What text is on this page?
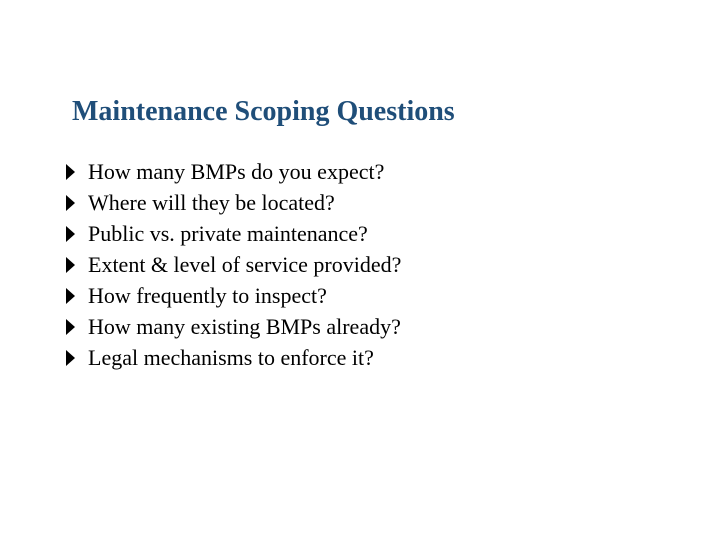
Maintenance Scoping Questions
How many BMPs do you expect?
Where will they be located?
Public vs. private maintenance?
Extent & level of service provided?
How frequently to inspect?
How many existing BMPs already?
Legal mechanisms to enforce it?
